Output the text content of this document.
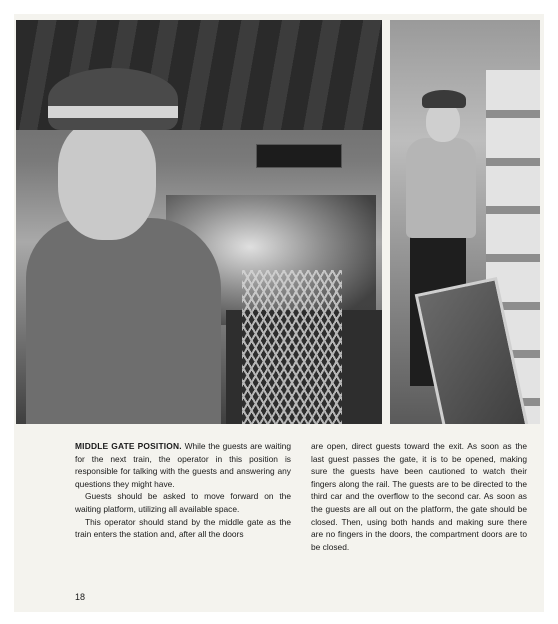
MIDDLE GATE POSITION. While the guests are waiting for the next train, the operator in this position is responsible for talking with the guests and answering any questions they might have.

Guests should be asked to move forward on the waiting platform, utilizing all available space.

This operator should stand by the middle gate as the train enters the station and, after all the doors

are open, direct guests toward the exit. As soon as the last guest passes the gate, it is to be opened, making sure the guests have been cautioned to watch their fingers along the rail. The guests are to be directed to the third car and the overflow to the second car. As soon as the guests are all out on the platform, the gate should be closed. Then, using both hands and making sure there are no fingers in the doors, the compartment doors are to be closed.

18
